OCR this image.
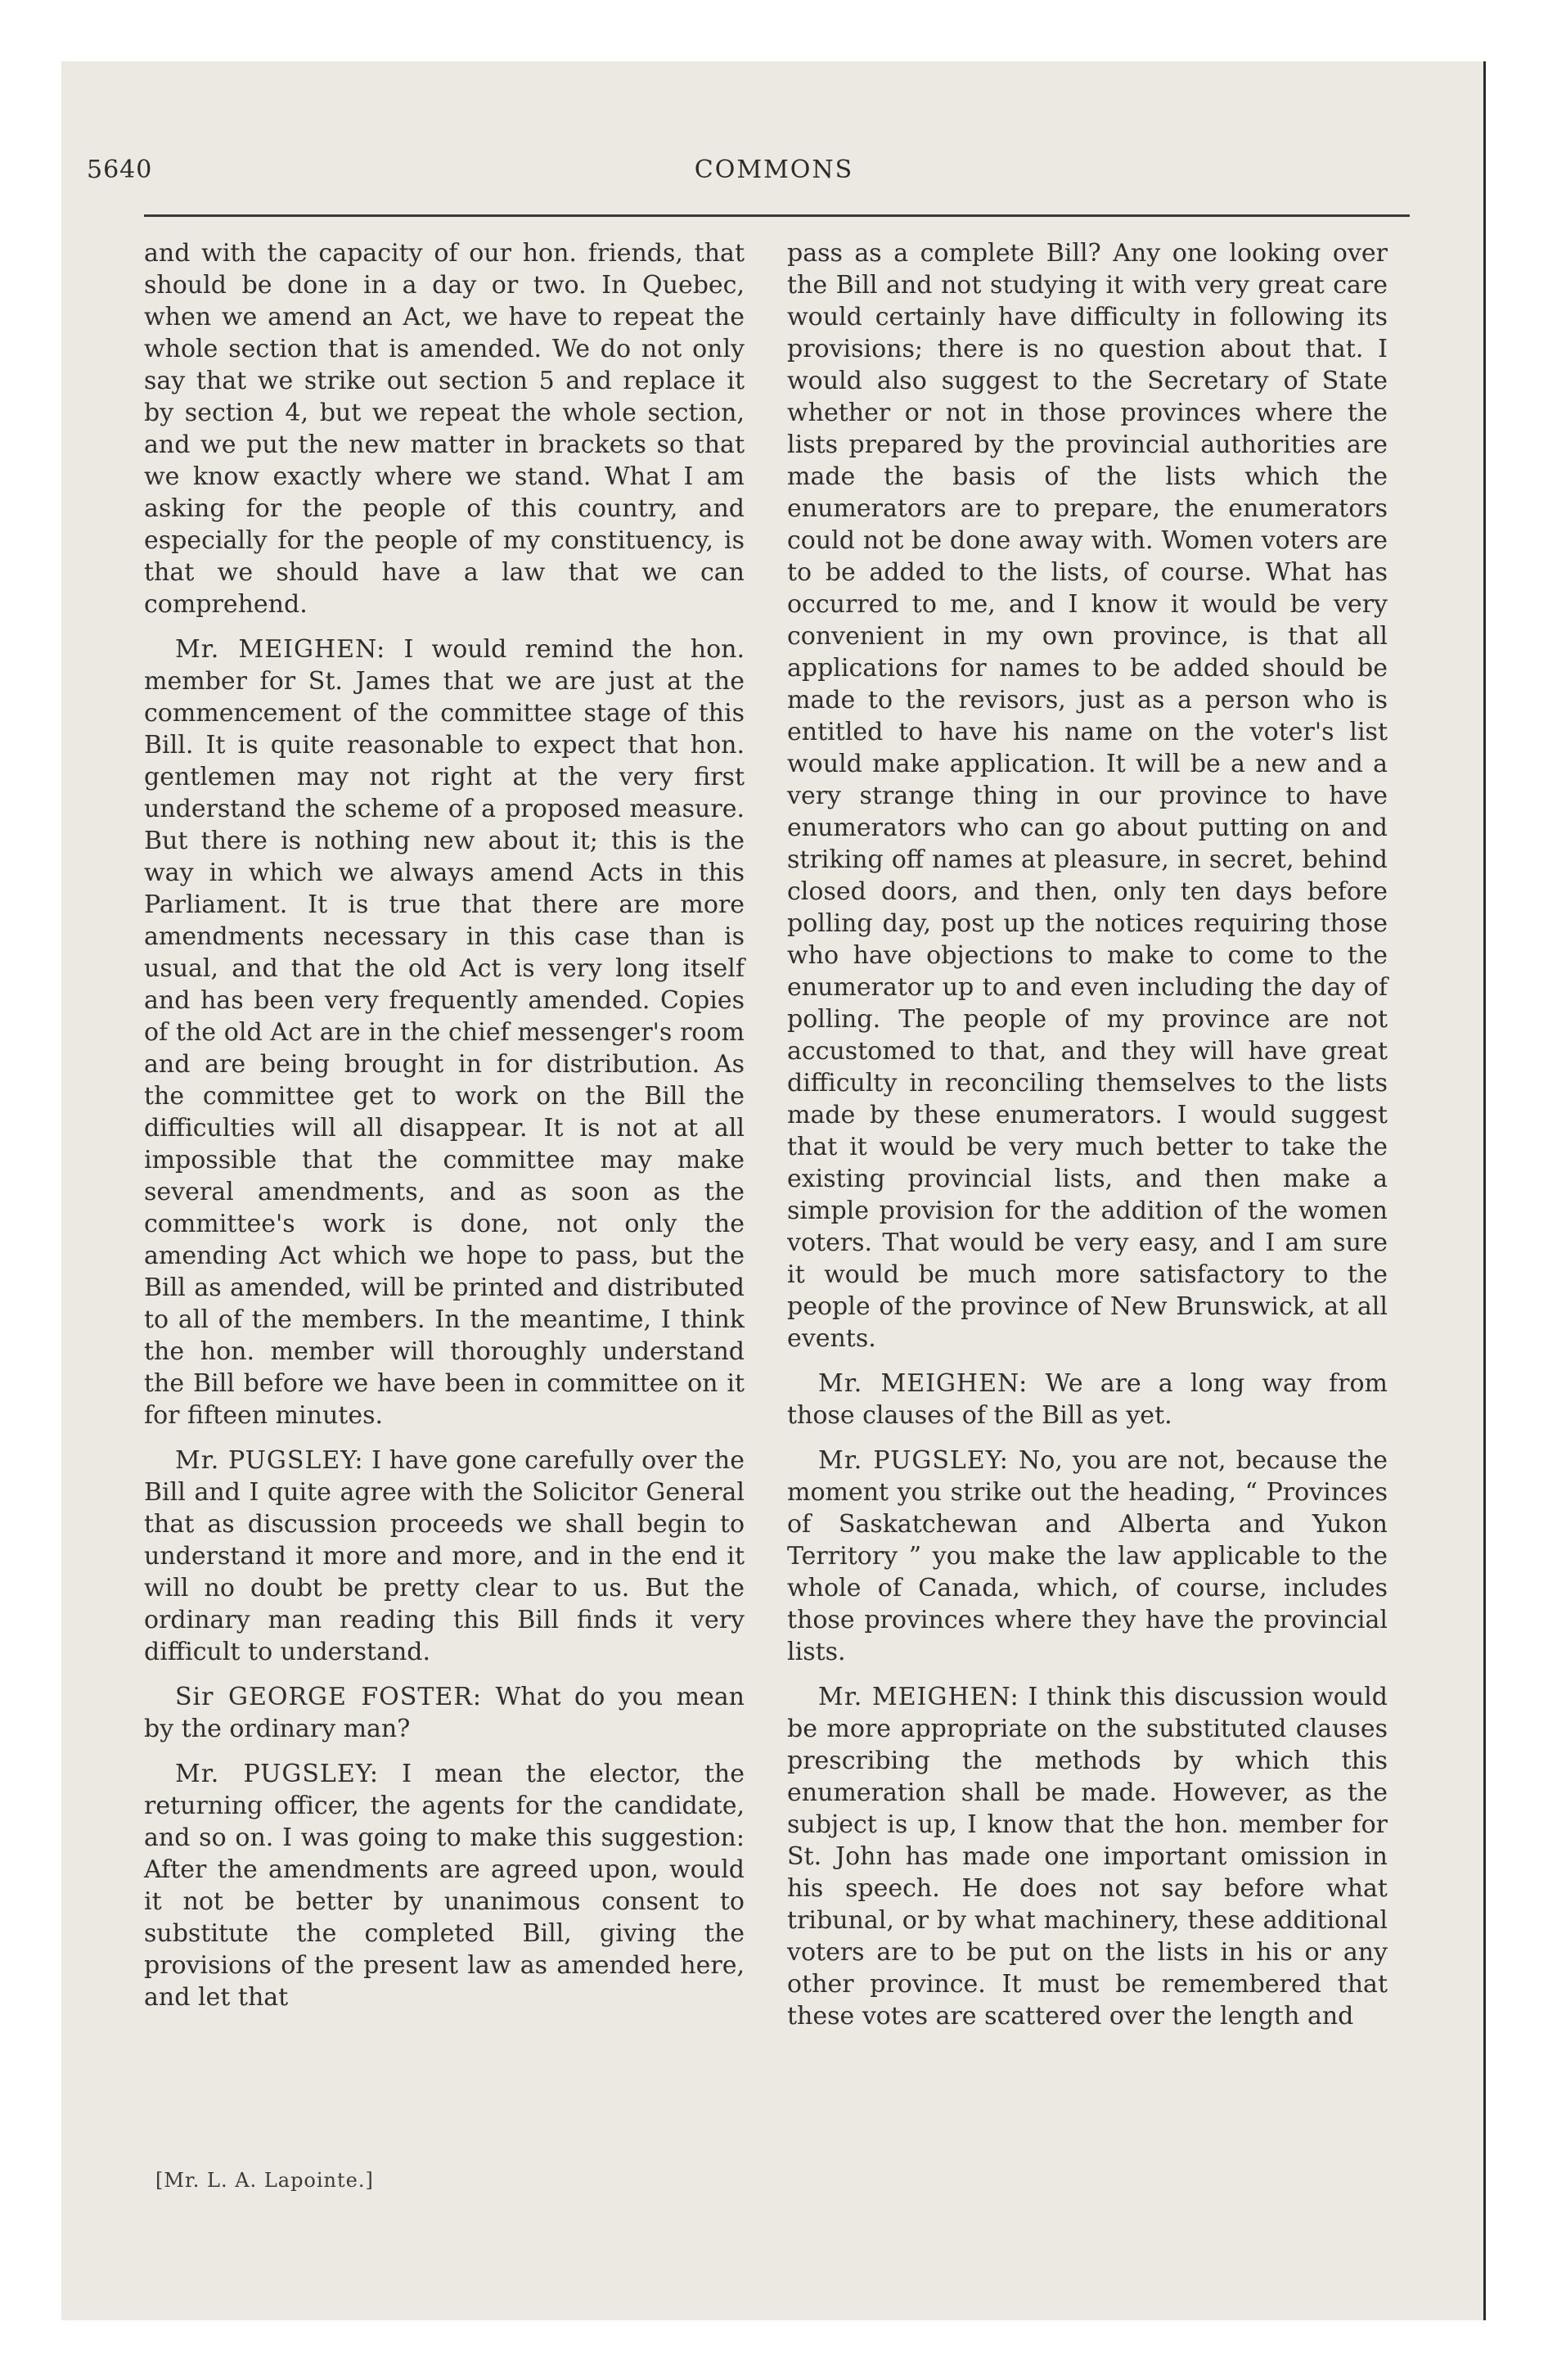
5640	COMMONS

and with the capacity of our hon. friends, that should be done in a day or two. In Quebec, when we amend an Act, we have to repeat the whole section that is amended. We do not only say that we strike out section 5 and replace it by section 4, but we repeat the whole section, and we put the new matter in brackets so that we know exactly where we stand. What I am asking for the people of this country, and especially for the people of my constituency, is that we should have a law that we can comprehend.

Mr. MEIGHEN: I would remind the hon. member for St. James that we are just at the commencement of the committee stage of this Bill. It is quite reasonable to expect that hon. gentlemen may not right at the very first understand the scheme of a proposed measure. But there is nothing new about it; this is the way in which we always amend Acts in this Parliament. It is true that there are more amendments necessary in this case than is usual, and that the old Act is very long itself and has been very frequently amended. Copies of the old Act are in the chief messenger's room and are being brought in for distribution. As the committee get to work on the Bill the difficulties will all disappear. It is not at all impossible that the committee may make several amendments, and as soon as the committee's work is done, not only the amending Act which we hope to pass, but the Bill as amended, will be printed and distributed to all of the members. In the meantime, I think the hon. member will thoroughly understand the Bill before we have been in committee on it for fifteen minutes.

Mr. PUGSLEY: I have gone carefully over the Bill and I quite agree with the Solicitor General that as discussion proceeds we shall begin to understand it more and more, and in the end it will no doubt be pretty clear to us. But the ordinary man reading this Bill finds it very difficult to understand.

Sir GEORGE FOSTER: What do you mean by the ordinary man?

Mr. PUGSLEY: I mean the elector, the returning officer, the agents for the candidate, and so on. I was going to make this suggestion: After the amendments are agreed upon, would it not be better by unanimous consent to substitute the completed Bill, giving the provisions of the present law as amended here, and let that

pass as a complete Bill? Any one looking over the Bill and not studying it with very great care would certainly have difficulty in following its provisions; there is no question about that. I would also suggest to the Secretary of State whether or not in those provinces where the lists prepared by the provincial authorities are made the basis of the lists which the enumerators are to prepare, the enumerators could not be done away with. Women voters are to be added to the lists, of course. What has occurred to me, and I know it would be very convenient in my own province, is that all applications for names to be added should be made to the revisors, just as a person who is entitled to have his name on the voter's list would make application. It will be a new and a very strange thing in our province to have enumerators who can go about putting on and striking off names at pleasure, in secret, behind closed doors, and then, only ten days before polling day, post up the notices requiring those who have objections to make to come to the enumerator up to and even including the day of polling. The people of my province are not accustomed to that, and they will have great difficulty in reconciling themselves to the lists made by these enumerators. I would suggest that it would be very much better to take the existing provincial lists, and then make a simple provision for the addition of the women voters. That would be very easy, and I am sure it would be much more satisfactory to the people of the province of New Brunswick, at all events.

Mr. MEIGHEN: We are a long way from those clauses of the Bill as yet.

Mr. PUGSLEY: No, you are not, because the moment you strike out the heading, “ Provinces of Saskatchewan and Alberta and Yukon Territory ” you make the law applicable to the whole of Canada, which, of course, includes those provinces where they have the provincial lists.

Mr. MEIGHEN: I think this discussion would be more appropriate on the substituted clauses prescribing the methods by which this enumeration shall be made. However, as the subject is up, I know that the hon. member for St. John has made one important omission in his speech. He does not say before what tribunal, or by what machinery, these additional voters are to be put on the lists in his or any other province. It must be remembered that these votes are scattered over the length and

[Mr. L. A. Lapointe.]
